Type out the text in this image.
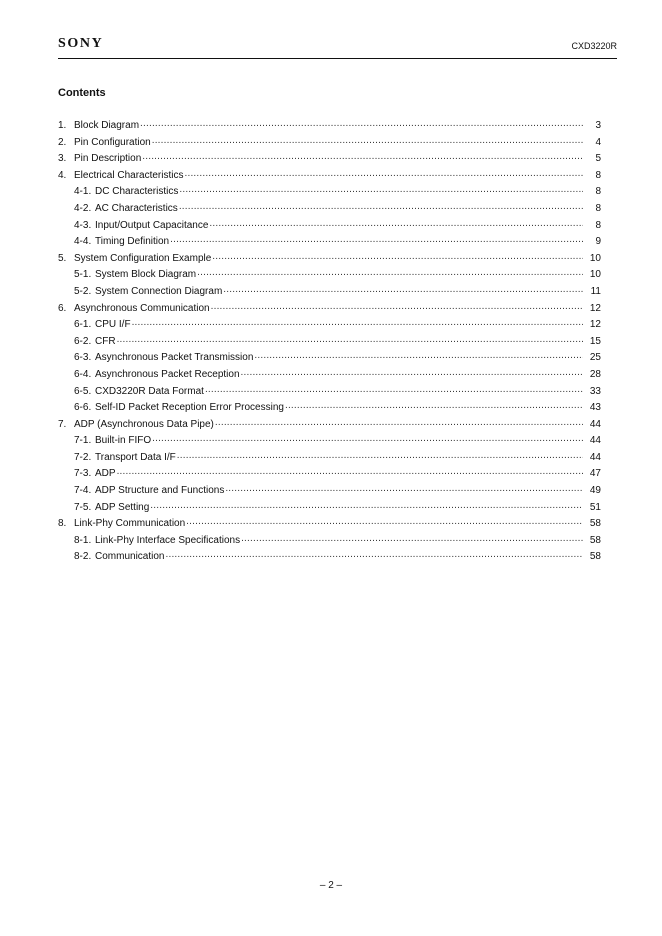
SONY	CXD3220R
Contents
1. Block Diagram .....	3
2. Pin Configuration .....	4
3. Pin Description .....	5
4. Electrical Characteristics .....	8
4-1. DC Characteristics .....	8
4-2. AC Characteristics .....	8
4-3. Input/Output Capacitance .....	8
4-4. Timing Definition .....	9
5. System Configuration Example .....	10
5-1. System Block Diagram .....	10
5-2. System Connection Diagram .....	11
6. Asynchronous Communication .....	12
6-1. CPU I/F .....	12
6-2. CFR .....	15
6-3. Asynchronous Packet Transmission .....	25
6-4. Asynchronous Packet Reception .....	28
6-5. CXD3220R Data Format .....	33
6-6. Self-ID Packet Reception Error Processing .....	43
7. ADP (Asynchronous Data Pipe) .....	44
7-1. Built-in FIFO .....	44
7-2. Transport Data I/F .....	44
7-3. ADP .....	47
7-4. ADP Structure and Functions .....	49
7-5. ADP Setting .....	51
8. Link-Phy Communication .....	58
8-1. Link-Phy Interface Specifications .....	58
8-2. Communication .....	58
– 2 –
